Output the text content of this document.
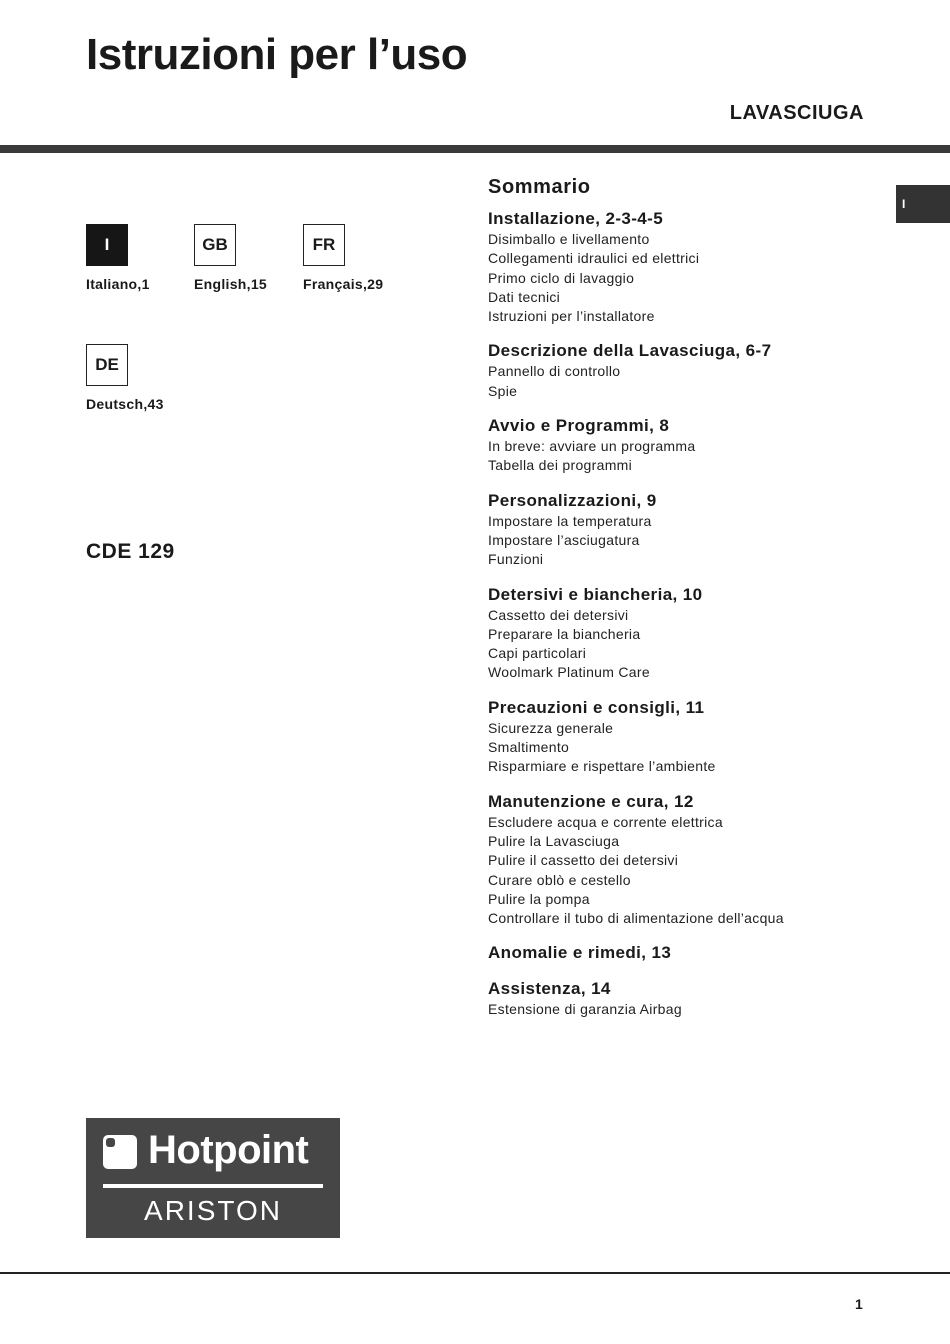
Istruzioni per l’uso
LAVASCIUGA
I
I
Italiano,1
GB
English,15
FR
Français,29
DE
Deutsch,43
CDE 129
Sommario
Installazione, 2-3-4-5
Disimballo e livellamento
Collegamenti idraulici ed elettrici
Primo ciclo di lavaggio
Dati tecnici
Istruzioni per l’installatore
Descrizione della Lavasciuga, 6-7
Pannello di controllo
Spie
Avvio e Programmi, 8
In breve: avviare un programma
Tabella dei programmi
Personalizzazioni, 9
Impostare la temperatura
Impostare l’asciugatura
Funzioni
Detersivi e biancheria, 10
Cassetto dei detersivi
Preparare la biancheria
Capi particolari
Woolmark Platinum Care
Precauzioni e consigli, 11
Sicurezza generale
Smaltimento
Risparmiare e rispettare l’ambiente
Manutenzione e cura, 12
Escludere acqua e corrente elettrica
Pulire la Lavasciuga
Pulire il cassetto dei detersivi
Curare oblò e cestello
Pulire la pompa
Controllare il tubo di alimentazione dell’acqua
Anomalie e rimedi, 13
Assistenza, 14
Estensione di garanzia Airbag
Hotpoint
ARISTON
1
